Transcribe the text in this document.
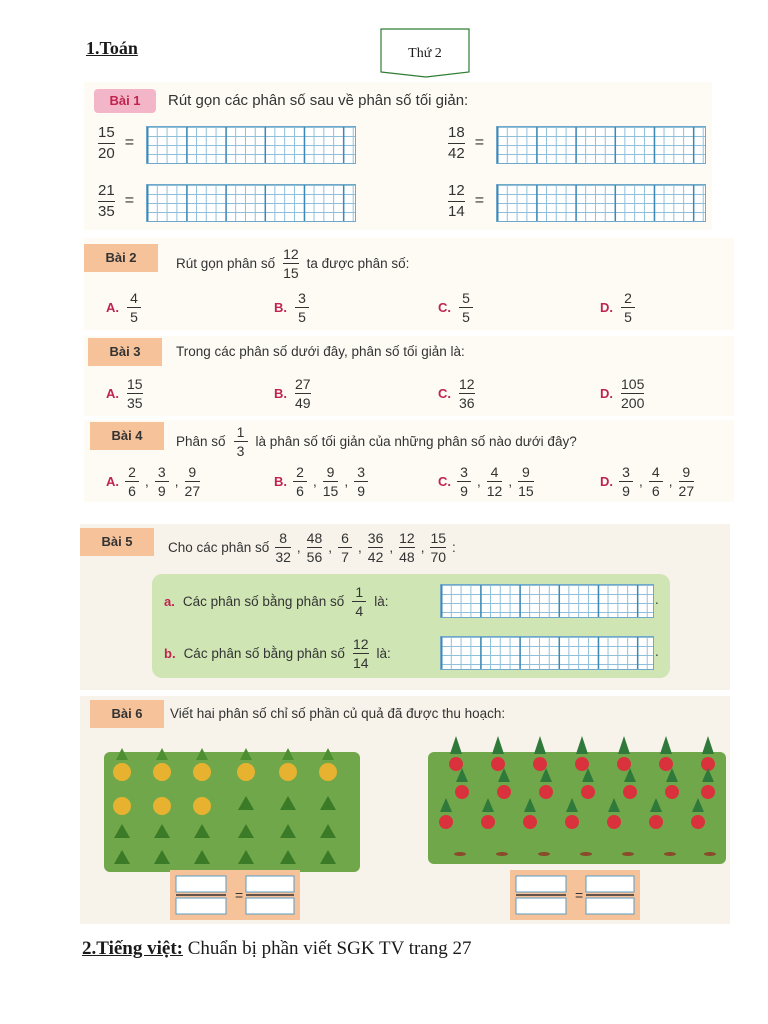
1.Toán	Thứ 2
Bài 1	Rút gọn các phân số sau về phân số tối giản:
$\frac{15}{20}$ =	$\frac{18}{42}$ =
$\frac{21}{35}$ =	$\frac{12}{14}$ =
Bài 2	Rút gọn phân số $\frac{12}{15}$ ta được phân số:
A. $\frac{4}{5}$	B. $\frac{3}{5}$	C. $\frac{5}{5}$	D. $\frac{2}{5}$
Bài 3	Trong các phân số dưới đây, phân số tối giản là:
A. $\frac{15}{35}$	B. $\frac{27}{49}$	C. $\frac{12}{36}$	D. $\frac{105}{200}$
Bài 4	Phân số $\frac{1}{3}$ là phân số tối giản của những phân số nào dưới đây?
A. $\frac{2}{6}$ , $\frac{3}{9}$ , $\frac{9}{27}$	B. $\frac{2}{6}$ , $\frac{9}{15}$ , $\frac{3}{9}$	C. $\frac{3}{9}$ , $\frac{4}{12}$ , $\frac{9}{15}$	D. $\frac{3}{9}$ , $\frac{4}{6}$ , $\frac{9}{27}$
Bài 5	Cho các phân số $\frac{8}{32}$ , $\frac{48}{56}$ , $\frac{6}{7}$ , $\frac{36}{42}$ , $\frac{12}{48}$ , $\frac{15}{70}$ :
a. Các phân số bằng phân số $\frac{1}{4}$ là:	.
b. Các phân số bằng phân số $\frac{12}{14}$ là:	.
Bài 6	Viết hai phân số chỉ số phần củ quả đã được thu hoạch:
=	=
2.Tiếng việt: Chuẩn bị phần viết SGK TV trang 27
